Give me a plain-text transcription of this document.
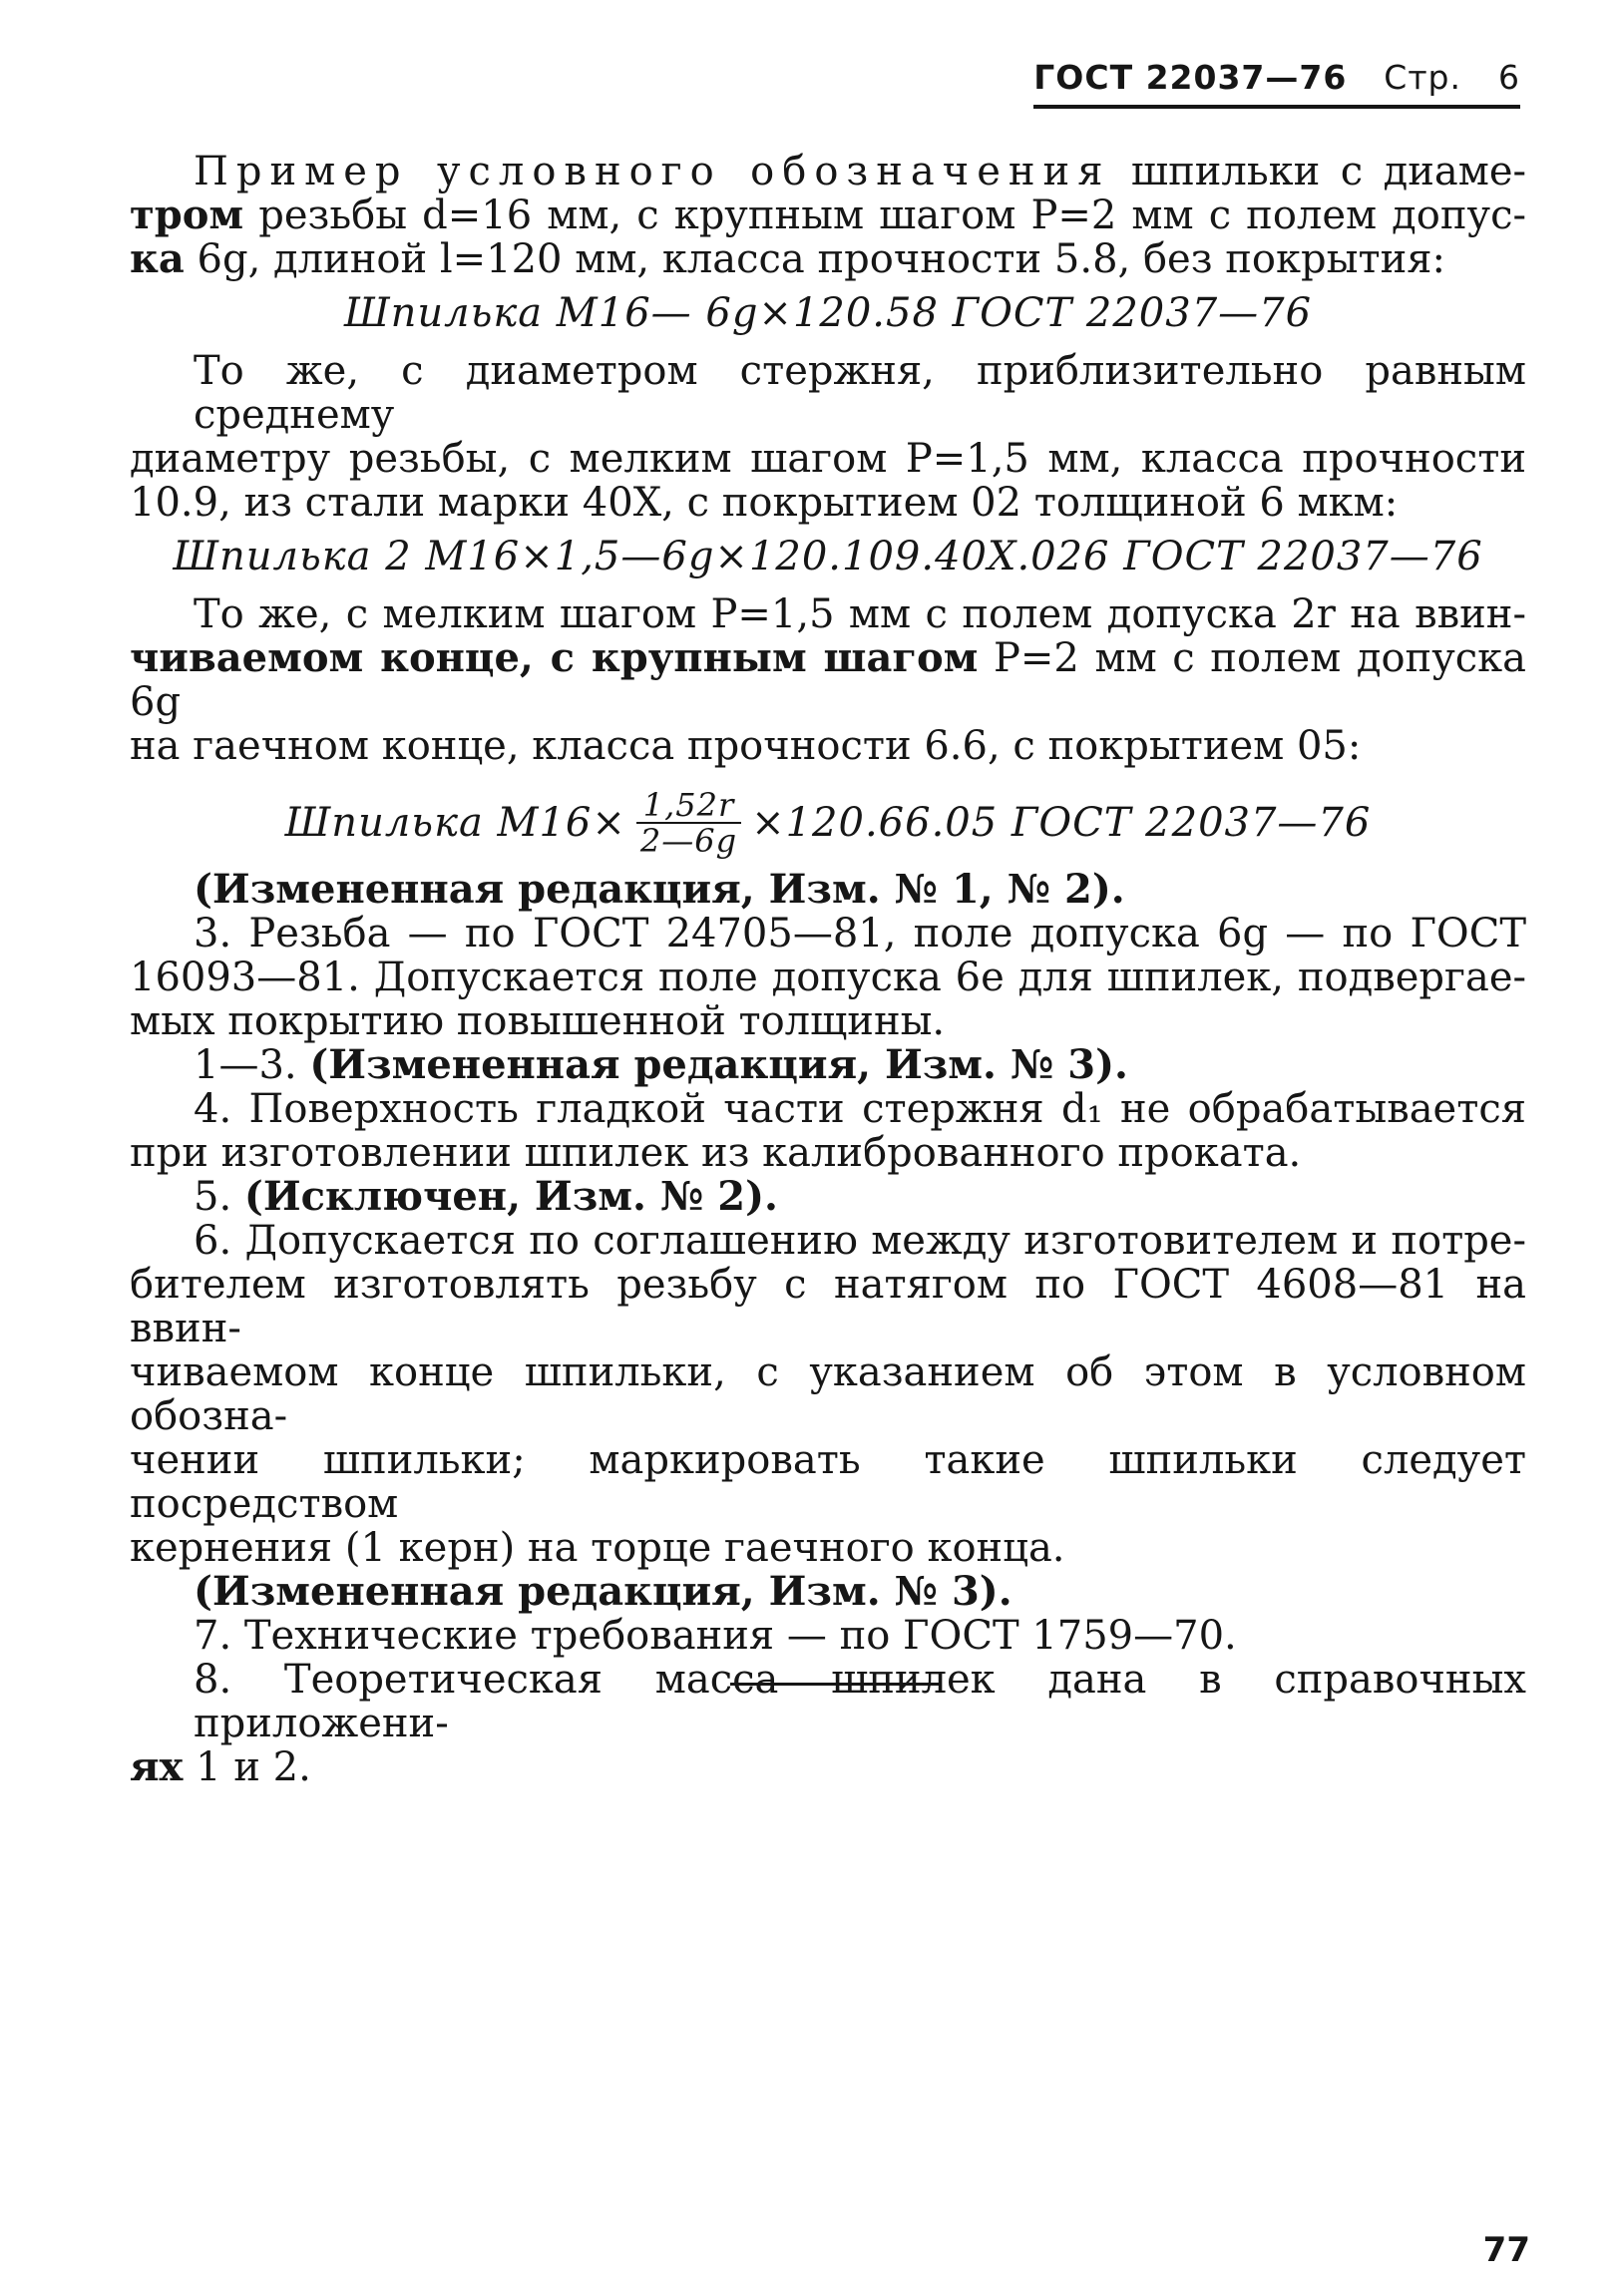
ГОСТ 22037—76 Стр. 6

Пример условного обозначения шпильки с диаме-

тром резьбы d=16 мм, с крупным шагом P=2 мм с полем допус-

ка 6g, длиной l=120 мм, класса прочности 5.8, без покрытия:

Шпилька М16— 6g×120.58 ГОСТ 22037—76

То же, с диаметром стержня, приблизительно равным среднему

диаметру резьбы, с мелким шагом P=1,5 мм, класса прочности

10.9, из стали марки 40Х, с покрытием 02 толщиной 6 мкм:

Шпилька 2 М16×1,5—6g×120.109.40Х.026 ГОСТ 22037—76

То же, с мелким шагом P=1,5 мм с полем допуска 2r на ввин-

чиваемом конце, с крупным шагом P=2 мм с полем допуска 6g

на гаечном конце, класса прочности 6.6, с покрытием 05:

Шпилька $М16\times \frac{1,52r}{2—6g} \times 120.66.05$ ГОСТ 22037—76

(Измененная редакция, Изм. № 1, № 2).

3. Резьба — по ГОСТ 24705—81, поле допуска 6g — по ГОСТ

16093—81. Допускается поле допуска 6e для шпилек, подвергае-

мых покрытию повышенной толщины.

1—3. (Измененная редакция, Изм. № 3).

4. Поверхность гладкой части стержня d₁ не обрабатывается

при изготовлении шпилек из калиброванного проката.

5. (Исключен, Изм. № 2).

6. Допускается по соглашению между изготовителем и потре-

бителем изготовлять резьбу с натягом по ГОСТ 4608—81 на ввин-

чиваемом конце шпильки, с указанием об этом в условном обозна-

чении шпильки; маркировать такие шпильки следует посредством

кернения (1 керн) на торце гаечного конца.

(Измененная редакция, Изм. № 3).

7. Технические требования — по ГОСТ 1759—70.

8. Теоретическая масса шпилек дана в справочных приложени-

ях 1 и 2.

77
